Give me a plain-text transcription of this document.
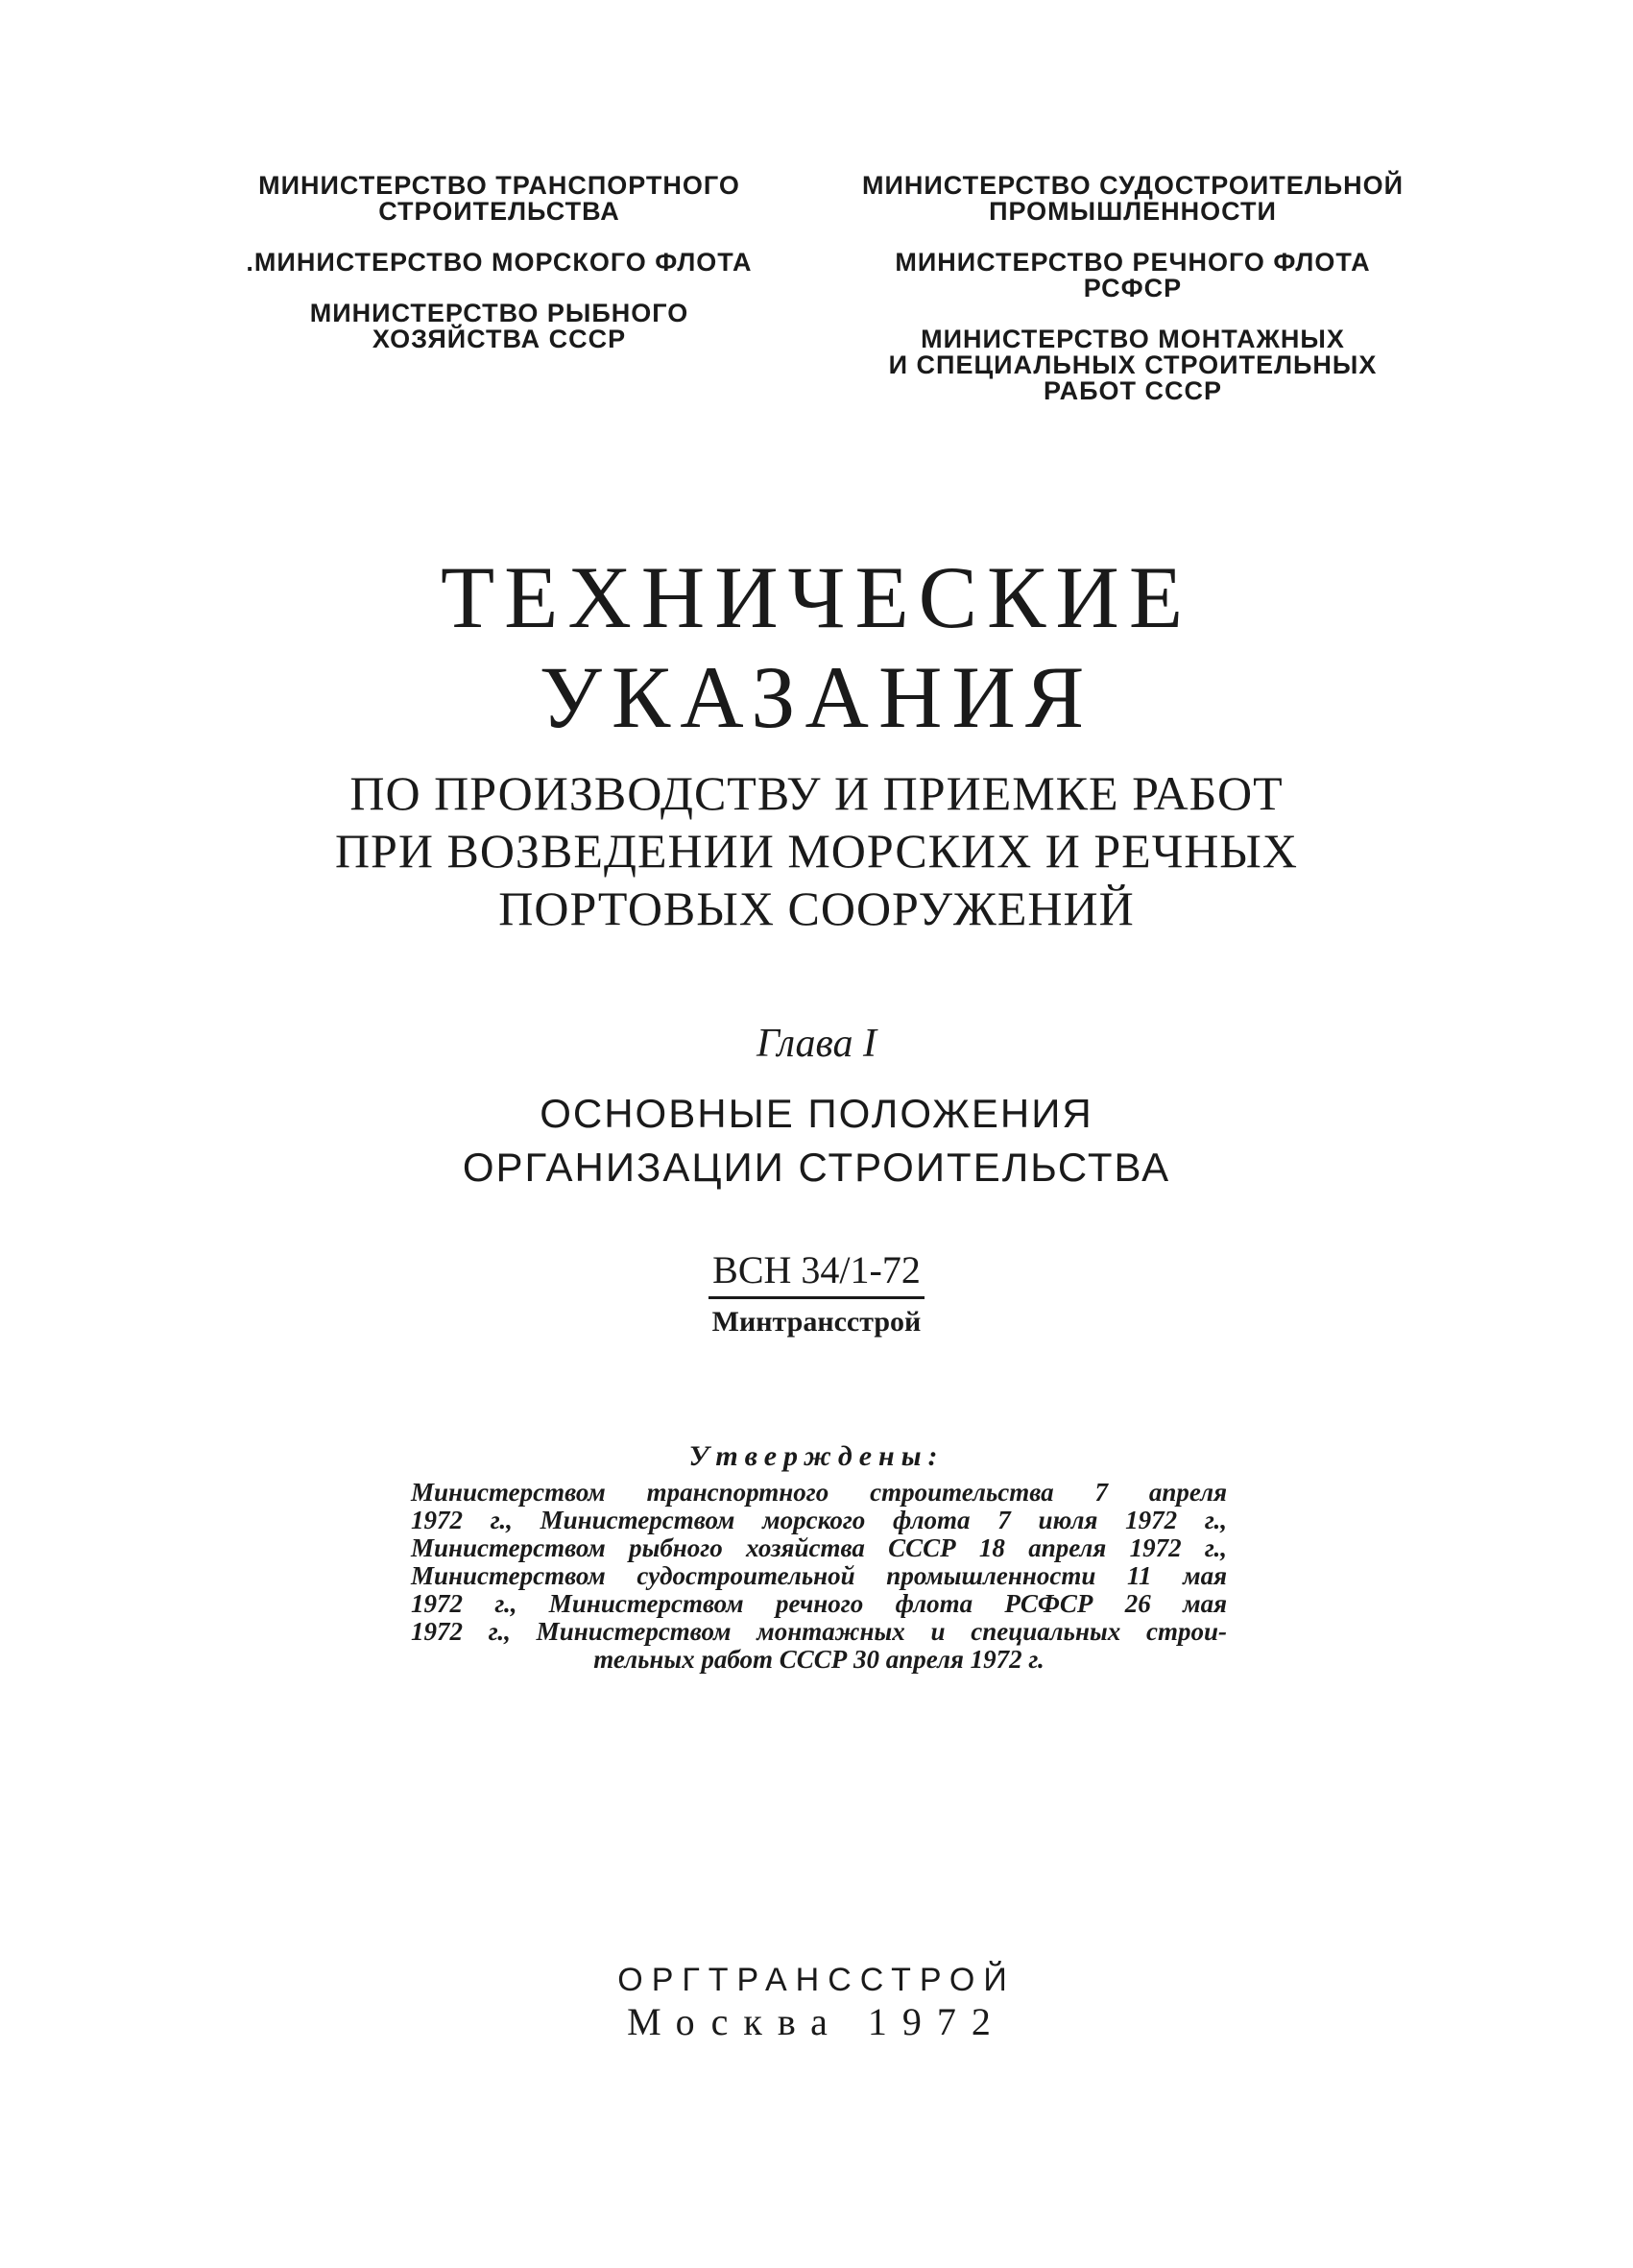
МИНИСТЕРСТВО ТРАНСПОРТНОГО
СТРОИТЕЛЬСТВА
.МИНИСТЕРСТВО МОРСКОГО ФЛОТА
МИНИСТЕРСТВО РЫБНОГО
ХОЗЯЙСТВА СССР
МИНИСТЕРСТВО СУДОСТРОИТЕЛЬНОЙ
ПРОМЫШЛЕННОСТИ
МИНИСТЕРСТВО РЕЧНОГО ФЛОТА
РСФСР
МИНИСТЕРСТВО МОНТАЖНЫХ
И СПЕЦИАЛЬНЫХ СТРОИТЕЛЬНЫХ
РАБОТ СССР
ТЕХНИЧЕСКИЕ
УКАЗАНИЯ
ПО ПРОИЗВОДСТВУ И ПРИЕМКЕ РАБОТ
ПРИ ВОЗВЕДЕНИИ МОРСКИХ И РЕЧНЫХ
ПОРТОВЫХ СООРУЖЕНИЙ
Глава I
ОСНОВНЫЕ ПОЛОЖЕНИЯ
ОРГАНИЗАЦИИ СТРОИТЕЛЬСТВА
ВСН 34/1-72
Минтрансстрой
Утверждены:
Министерством транспортного строительства 7 апреля
1972 г., Министерством морского флота 7 июля 1972 г.,
Министерством рыбного хозяйства СССР 18 апреля 1972 г.,
Министерством судостроительной промышленности 11 мая
1972 г., Министерством речного флота РСФСР 26 мая
1972 г., Министерством монтажных и специальных строи-
тельных работ СССР 30 апреля 1972 г.
ОРГТРАНССТРОЙ
Москва 1972
